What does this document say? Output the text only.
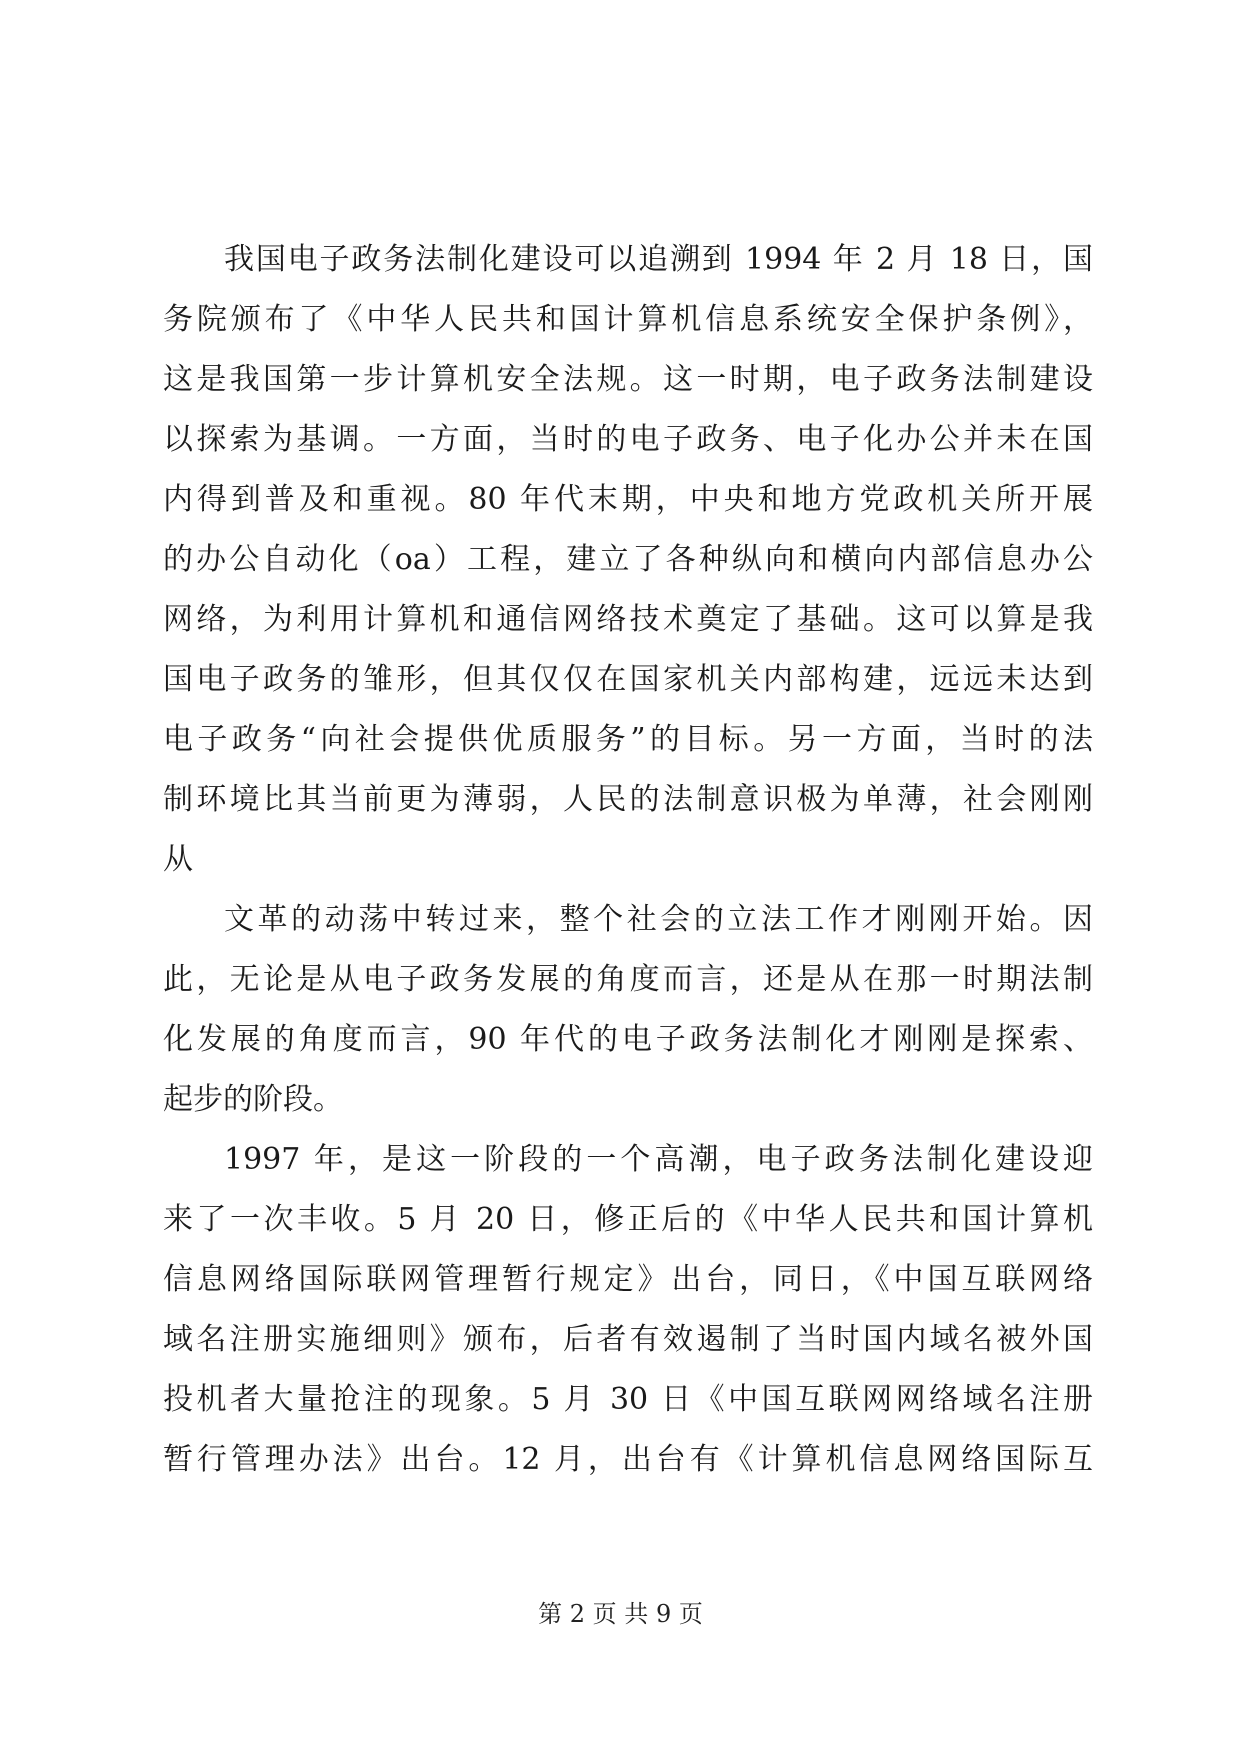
我国电子政务法制化建设可以追溯到 1994 年 2 月 18 日，国
务院颁布了《中华人民共和国计算机信息系统安全保护条例》，
这是我国第一步计算机安全法规。这一时期，电子政务法制建设
以探索为基调。一方面，当时的电子政务、电子化办公并未在国
内得到普及和重视。80 年代末期，中央和地方党政机关所开展
的办公自动化（oa）工程，建立了各种纵向和横向内部信息办公
网络，为利用计算机和通信网络技术奠定了基础。这可以算是我
国电子政务的雏形，但其仅仅在国家机关内部构建，远远未达到
电子政务“向社会提供优质服务”的目标。另一方面，当时的法
制环境比其当前更为薄弱，人民的法制意识极为单薄，社会刚刚
从
文革的动荡中转过来，整个社会的立法工作才刚刚开始。因
此，无论是从电子政务发展的角度而言，还是从在那一时期法制
化发展的角度而言，90 年代的电子政务法制化才刚刚是探索、
起步的阶段。
1997 年，是这一阶段的一个高潮，电子政务法制化建设迎
来了一次丰收。5 月 20 日，修正后的《中华人民共和国计算机
信息网络国际联网管理暂行规定》出台，同日，《中国互联网络
域名注册实施细则》颁布，后者有效遏制了当时国内域名被外国
投机者大量抢注的现象。5 月 30 日《中国互联网网络域名注册
暂行管理办法》出台。12 月，出台有《计算机信息网络国际互
第 2 页 共 9 页
